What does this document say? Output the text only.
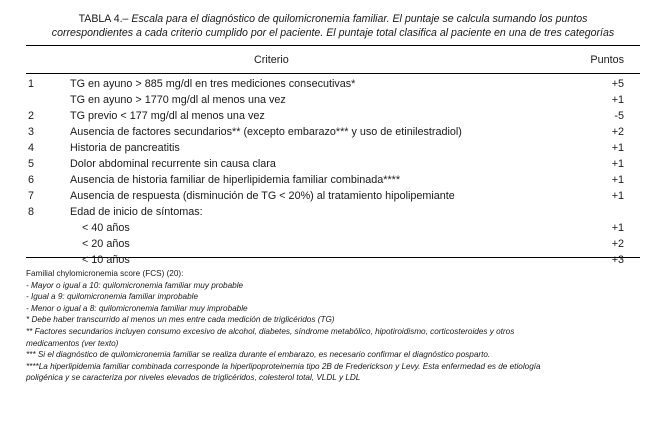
TABLA 4.– Escala para el diagnóstico de quilomicronemia familiar. El puntaje se calcula sumando los puntos
correspondientes a cada criterio cumplido por el paciente. El puntaje total clasifica al paciente en una de tres categorías
Criterio	Puntos
1	TG en ayuno > 885 mg/dl en tres mediciones consecutivas*	+5
TG en ayuno > 1770 mg/dl al menos una vez	+1
2	TG previo < 177 mg/dl al menos una vez	-5
3	Ausencia de factores secundarios** (excepto embarazo*** y uso de etinilestradiol)	+2
4	Historia de pancreatitis	+1
5	Dolor abdominal recurrente sin causa clara	+1
6	Ausencia de historia familiar de hiperlipidemia familiar combinada****	+1
7	Ausencia de respuesta (disminución de TG < 20%) al tratamiento hipolipemiante	+1
8	Edad de inicio de síntomas:
< 40 años	+1
< 20 años	+2
< 10 años	+3
Familial chylomicronemia score (FCS) (20):
- Mayor o igual a 10: quilomicronemia familiar muy probable
- Igual a 9: quilomicronemia familiar improbable
- Menor o igual a 8: quilomicronemia familiar muy improbable
* Debe haber transcurrido al menos un mes entre cada medición de triglicéridos (TG)
** Factores secundarios incluyen consumo excesivo de alcohol, diabetes, síndrome metabólico, hipotiroidismo, corticosteroides y otros
medicamentos (ver texto)
*** Si el diagnóstico de quilomicronemia familiar se realiza durante el embarazo, es necesario confirmar el diagnóstico posparto.
****La hiperlipidemia familiar combinada corresponde la hiperlipoproteinemia tipo 2B de Frederickson y Levy. Esta enfermedad es de etiología
poligénica y se caracteriza por niveles elevados de triglicéridos, colesterol total, VLDL y LDL
